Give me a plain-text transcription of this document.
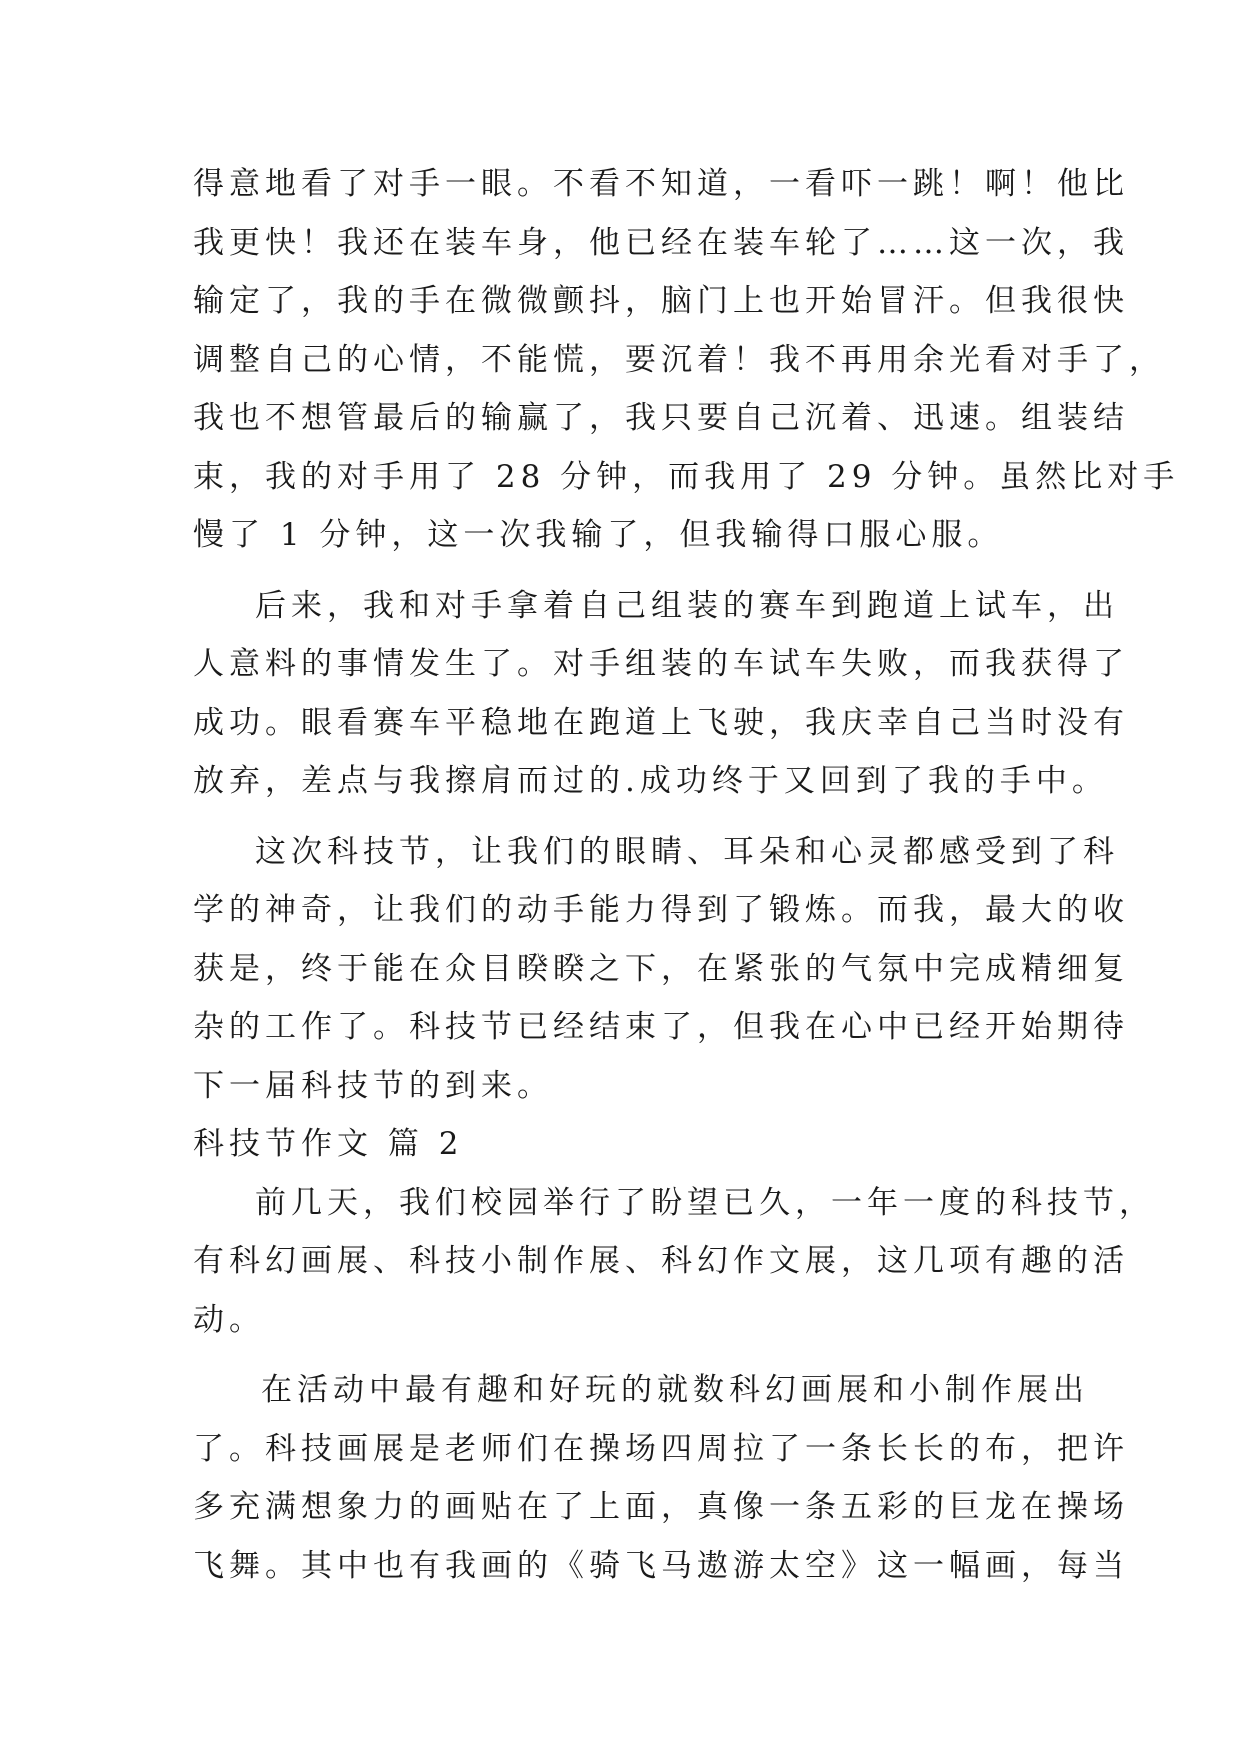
得意地看了对手一眼。不看不知道，一看吓一跳！啊！他比
我更快！我还在装车身，他已经在装车轮了……这一次，我
输定了，我的手在微微颤抖，脑门上也开始冒汗。但我很快
调整自己的心情，不能慌，要沉着！我不再用余光看对手了，
我也不想管最后的输赢了，我只要自己沉着、迅速。组装结
束，我的对手用了 28 分钟，而我用了 29 分钟。虽然比对手
慢了 1 分钟，这一次我输了，但我输得口服心服。
后来，我和对手拿着自己组装的赛车到跑道上试车，出
人意料的事情发生了。对手组装的车试车失败，而我获得了
成功。眼看赛车平稳地在跑道上飞驶，我庆幸自己当时没有
放弃，差点与我擦肩而过的.成功终于又回到了我的手中。
这次科技节，让我们的眼睛、耳朵和心灵都感受到了科
学的神奇，让我们的动手能力得到了锻炼。而我，最大的收
获是，终于能在众目睽睽之下，在紧张的气氛中完成精细复
杂的工作了。科技节已经结束了，但我在心中已经开始期待
下一届科技节的到来。
科技节作文 篇 2
前几天，我们校园举行了盼望已久，一年一度的科技节，
有科幻画展、科技小制作展、科幻作文展，这几项有趣的活
动。
在活动中最有趣和好玩的就数科幻画展和小制作展出
了。科技画展是老师们在操场四周拉了一条长长的布，把许
多充满想象力的画贴在了上面，真像一条五彩的巨龙在操场
飞舞。其中也有我画的《骑飞马遨游太空》这一幅画，每当
